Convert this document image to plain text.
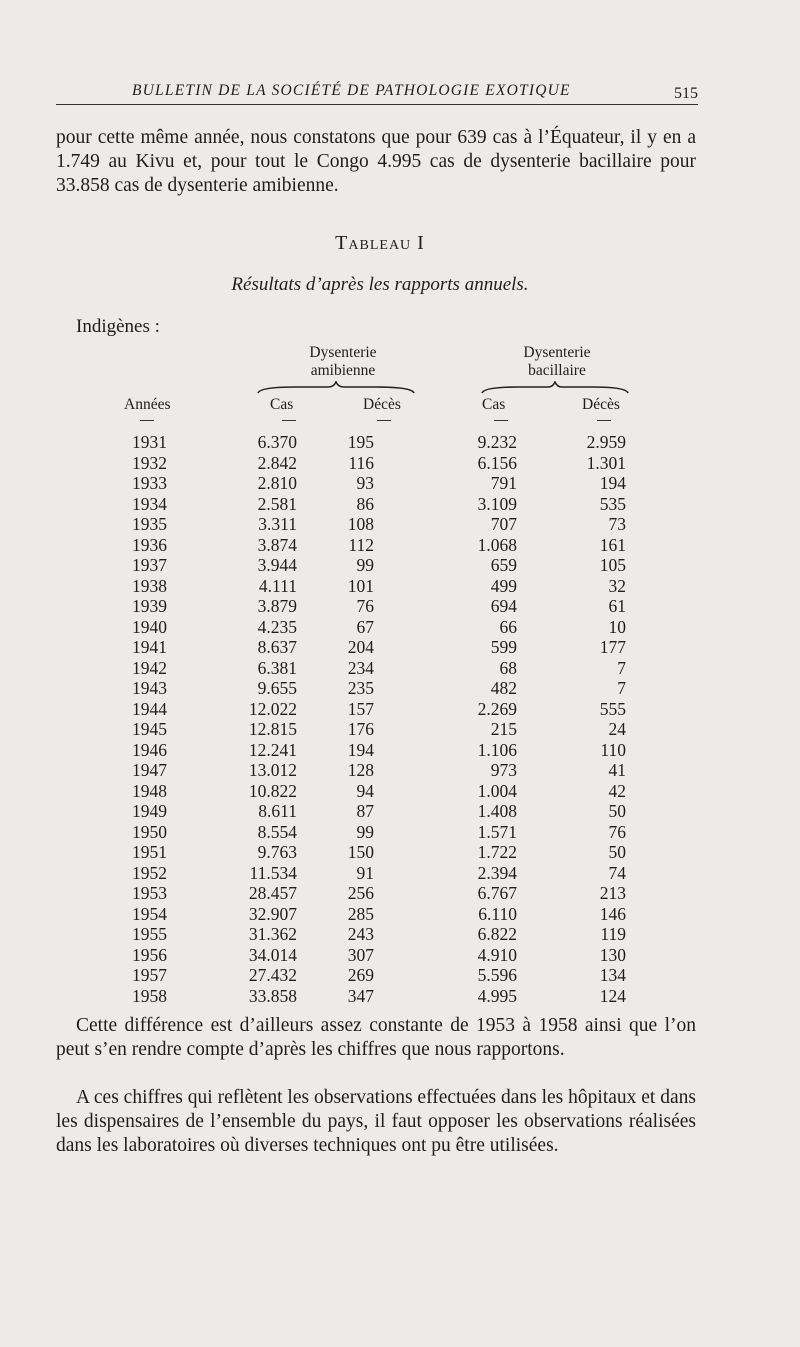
BULLETIN DE LA SOCIÉTÉ DE PATHOLOGIE EXOTIQUE	515

pour cette même année, nous constatons que pour 639 cas à l’Équateur, il y en a 1.749 au Kivu et, pour tout le Congo 4.995 cas de dysenterie bacillaire pour 33.858 cas de dysenterie amibienne.

Tableau I
Résultats d’après les rapports annuels.
Indigènes :
Dysenterie
amibienne
Dysenterie
bacillaire
Années	Cas	Décès	Cas	Décès
1931	6.370	195	9.232	2.959
1932	2.842	116	6.156	1.301
1933	2.810	93	791	194
1934	2.581	86	3.109	535
1935	3.311	108	707	73
1936	3.874	112	1.068	161
1937	3.944	99	659	105
1938	4.111	101	499	32
1939	3.879	76	694	61
1940	4.235	67	66	10
1941	8.637	204	599	177
1942	6.381	234	68	7
1943	9.655	235	482	7
1944	12.022	157	2.269	555
1945	12.815	176	215	24
1946	12.241	194	1.106	110
1947	13.012	128	973	41
1948	10.822	94	1.004	42
1949	8.611	87	1.408	50
1950	8.554	99	1.571	76
1951	9.763	150	1.722	50
1952	11.534	91	2.394	74
1953	28.457	256	6.767	213
1954	32.907	285	6.110	146
1955	31.362	243	6.822	119
1956	34.014	307	4.910	130
1957	27.432	269	5.596	134
1958	33.858	347	4.995	124

Cette différence est d’ailleurs assez constante de 1953 à 1958 ainsi que l’on peut s’en rendre compte d’après les chiffres que nous rapportons.

A ces chiffres qui reflètent les observations effectuées dans les hôpitaux et dans les dispensaires de l’ensemble du pays, il faut opposer les observations réalisées dans les laboratoires où diverses techniques ont pu être utilisées.
